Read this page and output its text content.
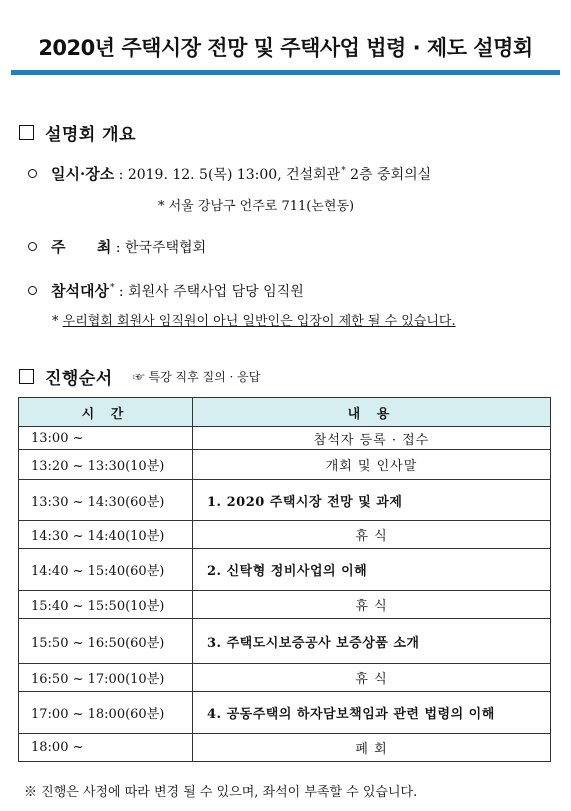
2020년 주택시장 전망 및 주택사업 법령 · 제도 설명회
설명회 개요
일시·장소 : 2019. 12. 5(목) 13:00, 건설회관* 2층 중회의실
* 서울 강남구 언주로 711(논현동)
주      최 : 한국주택협회
참석대상* : 회원사 주택사업 담당 임직원
* 우리협회 회원사 임직원이 아닌 일반인은 입장이 제한 될 수 있습니다.
진행순서 ☞ 특강 직후 질의 · 응답
시 간	내 용
13:00 ~	참석자 등록 · 접수
13:20 ~ 13:30(10분)	개회 및 인사말
13:30 ~ 14:30(60분)	1. 2020 주택시장 전망 및 과제
14:30 ~ 14:40(10분)	휴 식
14:40 ~ 15:40(60분)	2. 신탁형 정비사업의 이해
15:40 ~ 15:50(10분)	휴 식
15:50 ~ 16:50(60분)	3. 주택도시보증공사 보증상품 소개
16:50 ~ 17:00(10분)	휴 식
17:00 ~ 18:00(60분)	4. 공동주택의 하자담보책임과 관련 법령의 이해
18:00 ~	폐 회
※ 진행은 사정에 따라 변경 될 수 있으며, 좌석이 부족할 수 있습니다.
